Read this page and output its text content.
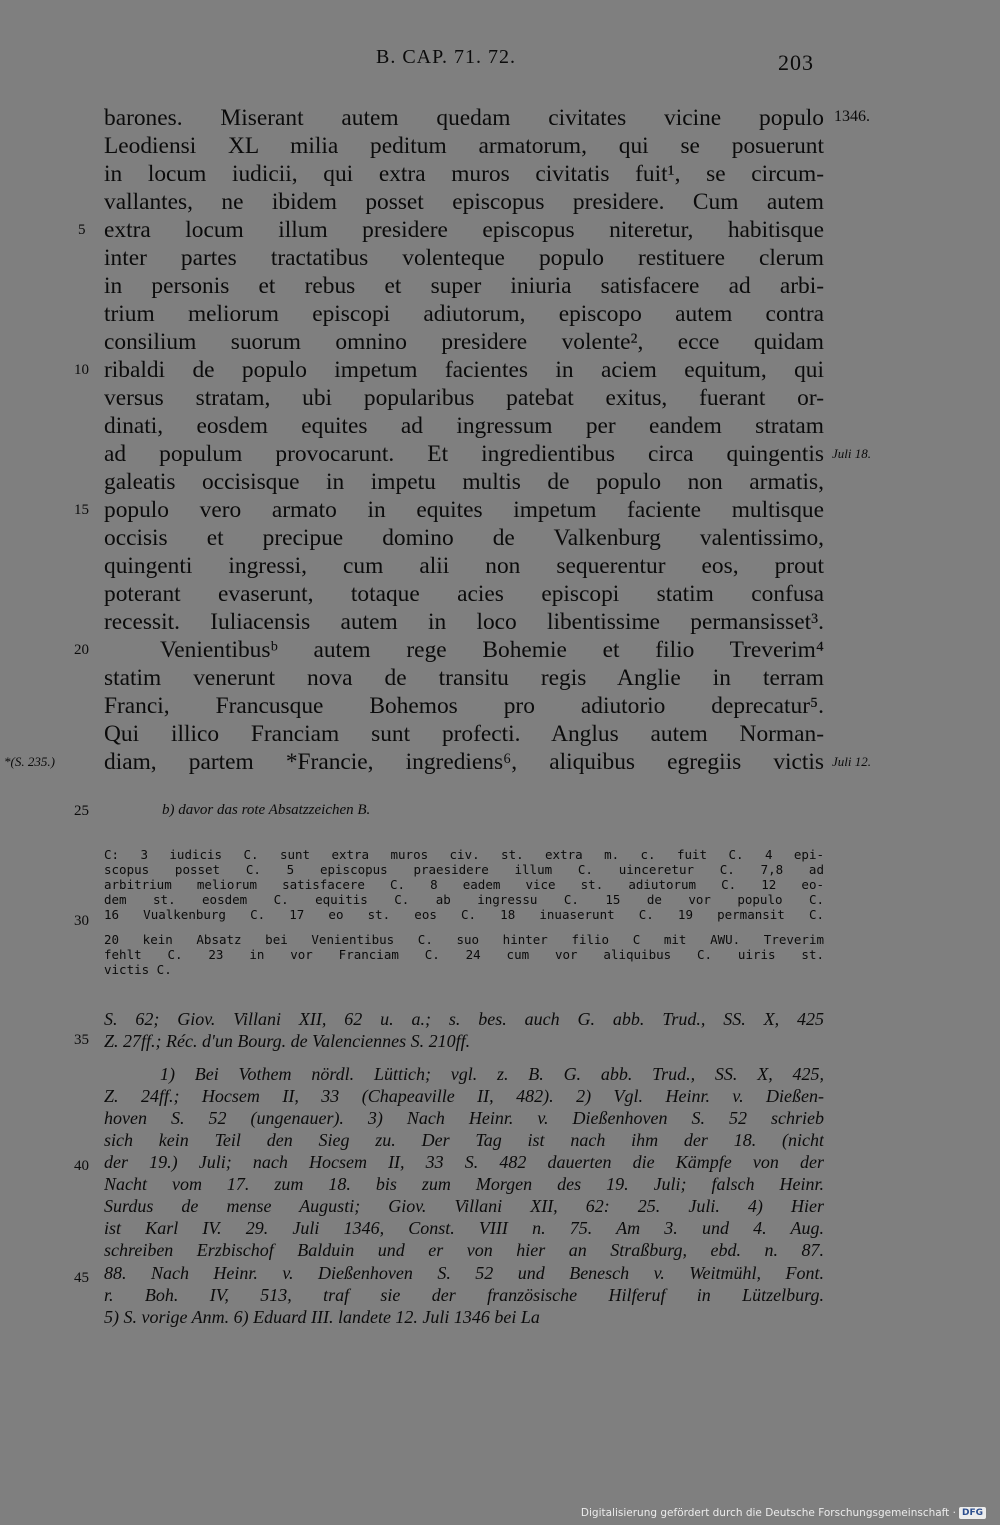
B. CAP. 71. 72.	203
barones. Miserant autem quedam civitates vicine populo
Leodiensi XL milia peditum armatorum, qui se posuerunt
in locum iudicii, qui extra muros civitatis fuit¹, se circum-
vallantes, ne ibidem posset episcopus presidere. Cum autem
extra locum illum presidere episcopus niteretur, habitisque
inter partes tractatibus volenteque populo restituere clerum
in personis et rebus et super iniuria satisfacere ad arbi-
trium meliorum episcopi adiutorum, episcopo autem contra
consilium suorum omnino presidere volente², ecce quidam
ribaldi de populo impetum facientes in aciem equitum, qui
versus stratam, ubi popularibus patebat exitus, fuerant or-
dinati, eosdem equites ad ingressum per eandem stratam
ad populum provocarunt. Et ingredientibus circa quingentis
galeatis occisisque in impetu multis de populo non armatis,
populo vero armato in equites impetum faciente multisque
occisis et precipue domino de Valkenburg valentissimo,
quingenti ingressi, cum alii non sequerentur eos, prout
poterant evaserunt, totaque acies episcopi statim confusa
recessit. Iuliacensis autem in loco libentissime permansisset³.
Venientibusᵇ autem rege Bohemie et filio Treverim⁴
statim venerunt nova de transitu regis Anglie in terram
Franci, Francusque Bohemos pro adiutorio deprecatur⁵.
Qui illico Franciam sunt profecti. Anglus autem Norman-
diam, partem *Francie, ingrediens⁶, aliquibus egregiis victis
5
10
15
20
25
30
35
40
45
1346.
Juli 18.
Juli 12.
*(S. 235.)
b) davor das rote Absatzzeichen B.
C: 3 iudicis C. sunt extra muros civ. st. extra m. c. fuit C. 4 epi-
scopus posset C. 5 episcopus praesidere illum C. uinceretur C. 7,8 ad
arbitrium meliorum satisfacere C. 8 eadem vice st. adiutorum C. 12 eo-
dem st. eosdem C. equitis C. ab ingressu C. 15 de vor populo C.
16 Vualkenburg C. 17 eo st. eos C. 18 inuaserunt C. 19 permansit C.
20 kein Absatz bei Venientibus C. suo hinter filio C mit AWU. Treverim
fehlt C. 23 in vor Franciam C. 24 cum vor aliquibus C. uiris st.
victis C.
S. 62; Giov. Villani XII, 62 u. a.; s. bes. auch G. abb. Trud., SS. X, 425
Z. 27ff.; Réc. d'un Bourg. de Valenciennes S. 210ff.
1) Bei Vothem nördl. Lüttich; vgl. z. B. G. abb. Trud., SS. X, 425,
Z. 24ff.; Hocsem II, 33 (Chapeaville II, 482). 2) Vgl. Heinr. v. Dießen-
hoven S. 52 (ungenauer). 3) Nach Heinr. v. Dießenhoven S. 52 schrieb
sich kein Teil den Sieg zu. Der Tag ist nach ihm der 18. (nicht
der 19.) Juli; nach Hocsem II, 33 S. 482 dauerten die Kämpfe von der
Nacht vom 17. zum 18. bis zum Morgen des 19. Juli; falsch Heinr.
Surdus de mense Augusti; Giov. Villani XII, 62: 25. Juli. 4) Hier
ist Karl IV. 29. Juli 1346, Const. VIII n. 75. Am 3. und 4. Aug.
schreiben Erzbischof Balduin und er von hier an Straßburg, ebd. n. 87.
88. Nach Heinr. v. Dießenhoven S. 52 und Benesch v. Weitmühl, Font.
r. Boh. IV, 513, traf sie der französische Hilferuf in Lützelburg.
5) S. vorige Anm. 6) Eduard III. landete 12. Juli 1346 bei La
Digitalisierung gefördert durch die Deutsche Forschungsgemeinschaft · DFG
